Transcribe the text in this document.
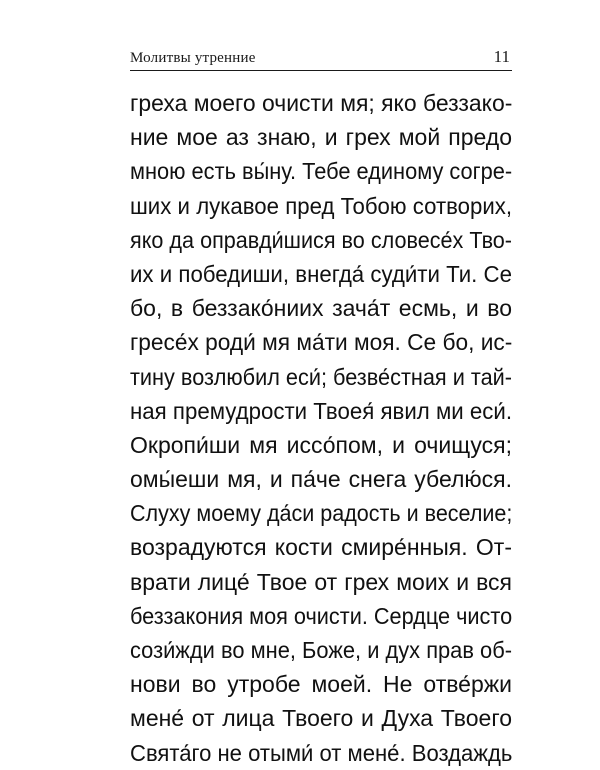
Молитвы утренние	11
греха моего очисти мя; яко беззако-
ние мое аз знаю, и грех мой предо
мною есть вы́ну. Тебе единому согре-
ших и лукавое пред Тобою сотворих,
яко да оправди́шися во словесе́х Тво-
их и победиши, внегда́ суди́ти Ти. Се
бо, в беззако́ниих зача́т есмь, и во
гресе́х роди́ мя ма́ти моя. Се бо, ис-
тину возлюбил еси́; безве́стная и тай-
ная премудрости Твоея́ явил ми еси́.
Окропи́ши мя иссо́пом, и очищуся;
омы́еши мя, и па́че снега убелю́ся.
Слуху моему да́си радость и веселие;
возрадуются кости смире́нныя. От-
врати лице́ Твое от грех моих и вся
беззакония моя очисти. Сердце чисто
сози́жди во мне, Боже, и дух прав об-
нови во утробе моей. Не отве́ржи
мене́ от лица Твоего и Духа Твоего
Свята́го не отыми́ от мене́. Воздаждь
